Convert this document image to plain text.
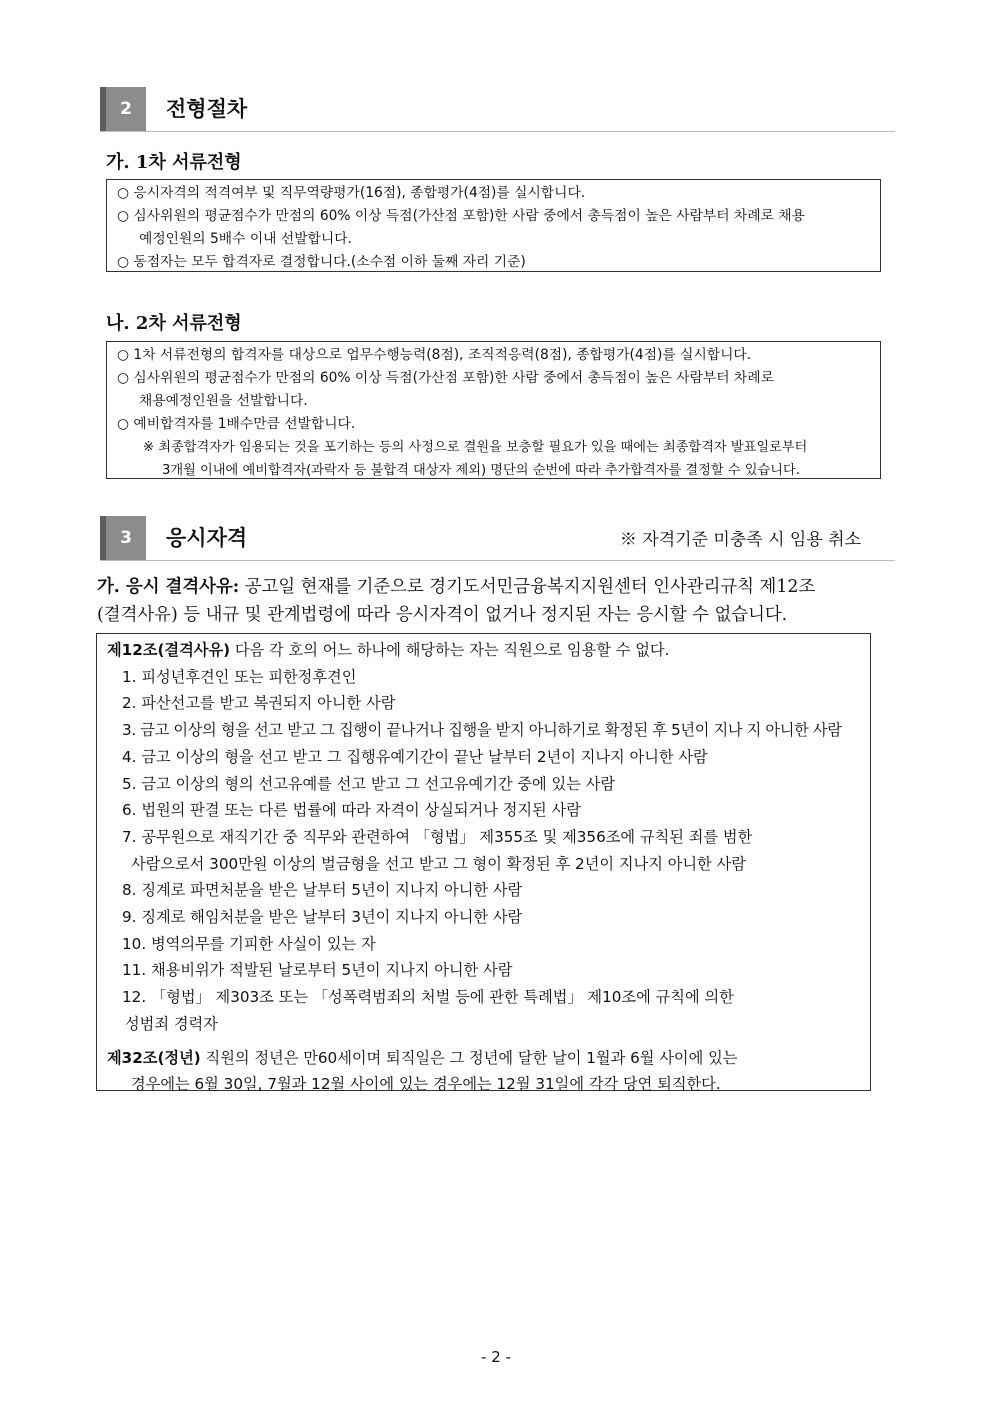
2	전형절차
가. 1차 서류전형
○ 응시자격의 적격여부 및 직무역량평가(16점), 종합평가(4점)를 실시합니다.
○ 심사위원의 평균점수가 만점의 60% 이상 득점(가산점 포함)한 사람 중에서 총득점이 높은 사람부터 차례로 채용
예정인원의 5배수 이내 선발합니다.
○ 동점자는 모두 합격자로 결정합니다.(소수점 이하 둘째 자리 기준)
나. 2차 서류전형
○ 1차 서류전형의 합격자를 대상으로 업무수행능력(8점), 조직적응력(8점), 종합평가(4점)를 실시합니다.
○ 심사위원의 평균점수가 만점의 60% 이상 득점(가산점 포함)한 사람 중에서 총득점이 높은 사람부터 차례로
채용예정인원을 선발합니다.
○ 예비합격자를 1배수만큼 선발합니다.
※ 최종합격자가 임용되는 것을 포기하는 등의 사정으로 결원을 보충할 필요가 있을 때에는 최종합격자 발표일로부터
3개월 이내에 예비합격자(과락자 등 불합격 대상자 제외) 명단의 순번에 따라 추가합격자를 결정할 수 있습니다.
3	응시자격	※ 자격기준 미충족 시 임용 취소
가. 응시 결격사유: 공고일 현재를 기준으로 경기도서민금융복지지원센터 인사관리규칙 제12조
(결격사유) 등 내규 및 관계법령에 따라 응시자격이 없거나 정지된 자는 응시할 수 없습니다.
제12조(결격사유) 다음 각 호의 어느 하나에 해당하는 자는 직원으로 임용할 수 없다.
1. 피성년후견인 또는 피한정후견인
2. 파산선고를 받고 복권되지 아니한 사람
3. 금고 이상의 형을 선고 받고 그 집행이 끝나거나 집행을 받지 아니하기로 확정된 후 5년이 지나 지 아니한 사람
4. 금고 이상의 형을 선고 받고 그 집행유예기간이 끝난 날부터 2년이 지나지 아니한 사람
5. 금고 이상의 형의 선고유예를 선고 받고 그 선고유예기간 중에 있는 사람
6. 법원의 판결 또는 다른 법률에 따라 자격이 상실되거나 정지된 사람
7. 공무원으로 재직기간 중 직무와 관련하여 「형법」 제355조 및 제356조에 규칙된 죄를 범한
사람으로서 300만원 이상의 벌금형을 선고 받고 그 형이 확정된 후 2년이 지나지 아니한 사람
8. 징계로 파면처분을 받은 날부터 5년이 지나지 아니한 사람
9. 징계로 해임처분을 받은 날부터 3년이 지나지 아니한 사람
10. 병역의무를 기피한 사실이 있는 자
11. 채용비위가 적발된 날로부터 5년이 지나지 아니한 사람
12. 「형법」 제303조 또는 「성폭력범죄의 처벌 등에 관한 특례법」 제10조에 규칙에 의한
성범죄 경력자
제32조(정년) 직원의 정년은 만60세이며 퇴직일은 그 정년에 달한 날이 1월과 6월 사이에 있는
경우에는 6월 30일, 7월과 12월 사이에 있는 경우에는 12월 31일에 각각 당연 퇴직한다.
- 2 -
